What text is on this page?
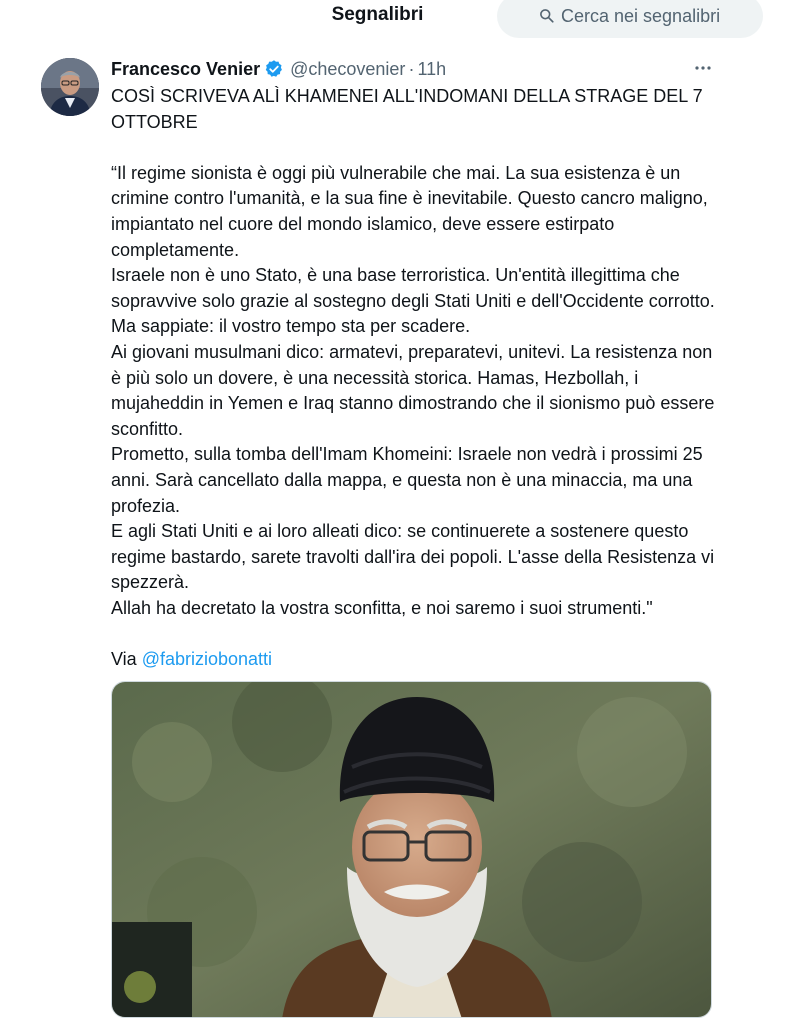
Segnalibri	Cerca nei segnalibri
Francesco Venier @checovenier · 11h

COSÌ SCRIVEVA ALÌ KHAMENEI ALL'INDOMANI DELLA STRAGE DEL 7 OTTOBRE

“Il regime sionista è oggi più vulnerabile che mai. La sua esistenza è un crimine contro l'umanità, e la sua fine è inevitabile. Questo cancro maligno, impiantato nel cuore del mondo islamico, deve essere estirpato completamente.

Israele non è uno Stato, è una base terroristica. Un'entità illegittima che sopravvive solo grazie al sostegno degli Stati Uniti e dell'Occidente corrotto. Ma sappiate: il vostro tempo sta per scadere.

Ai giovani musulmani dico: armatevi, preparatevi, unitevi. La resistenza non è più solo un dovere, è una necessità storica. Hamas, Hezbollah, i mujaheddin in Yemen e Iraq stanno dimostrando che il sionismo può essere sconfitto.

Prometto, sulla tomba dell'Imam Khomeini: Israele non vedrà i prossimi 25 anni. Sarà cancellato dalla mappa, e questa non è una minaccia, ma una profezia.

E agli Stati Uniti e ai loro alleati dico: se continuerete a sostenere questo regime bastardo, sarete travolti dall'ira dei popoli. L'asse della Resistenza vi spezzerà.

Allah ha decretato la vostra sconfitta, e noi saremo i suoi strumenti."

Via @fabriziobonatti
